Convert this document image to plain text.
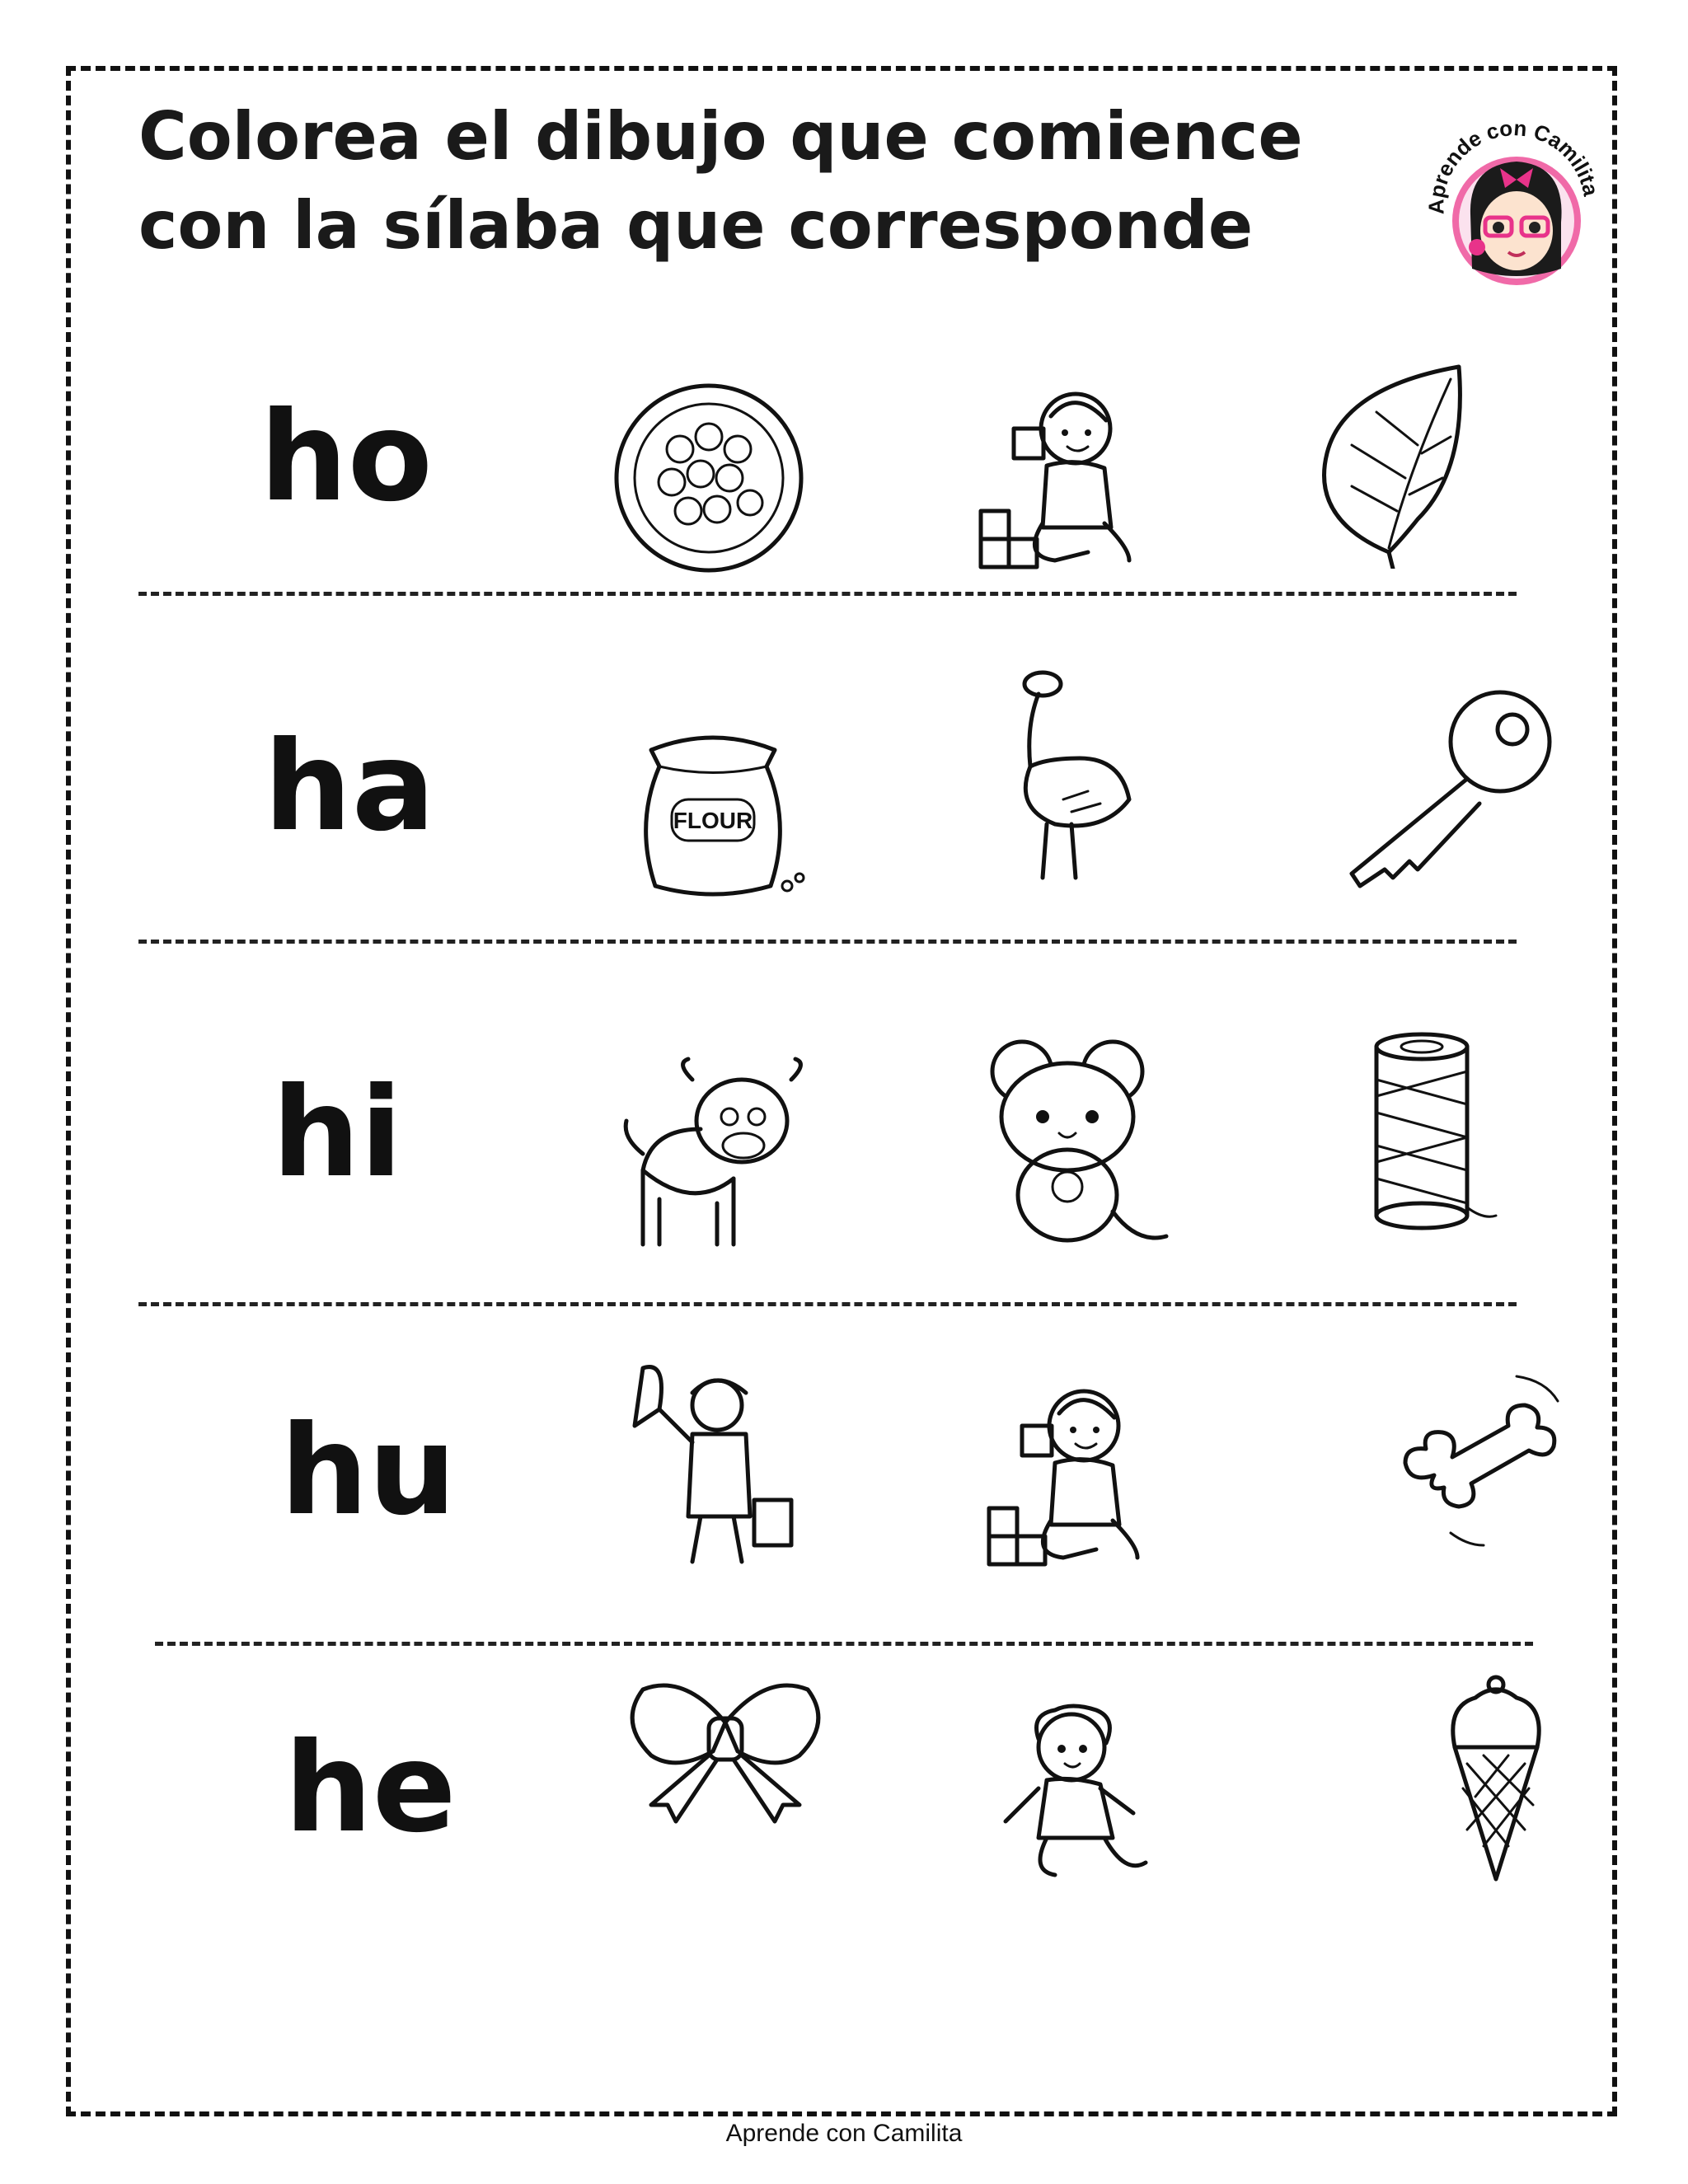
Colorea el dibujo que comience con la sílaba que corresponde	Aprende con Camilita
ho
ha	FLOUR
hi
hu
he
Aprende con Camilita
